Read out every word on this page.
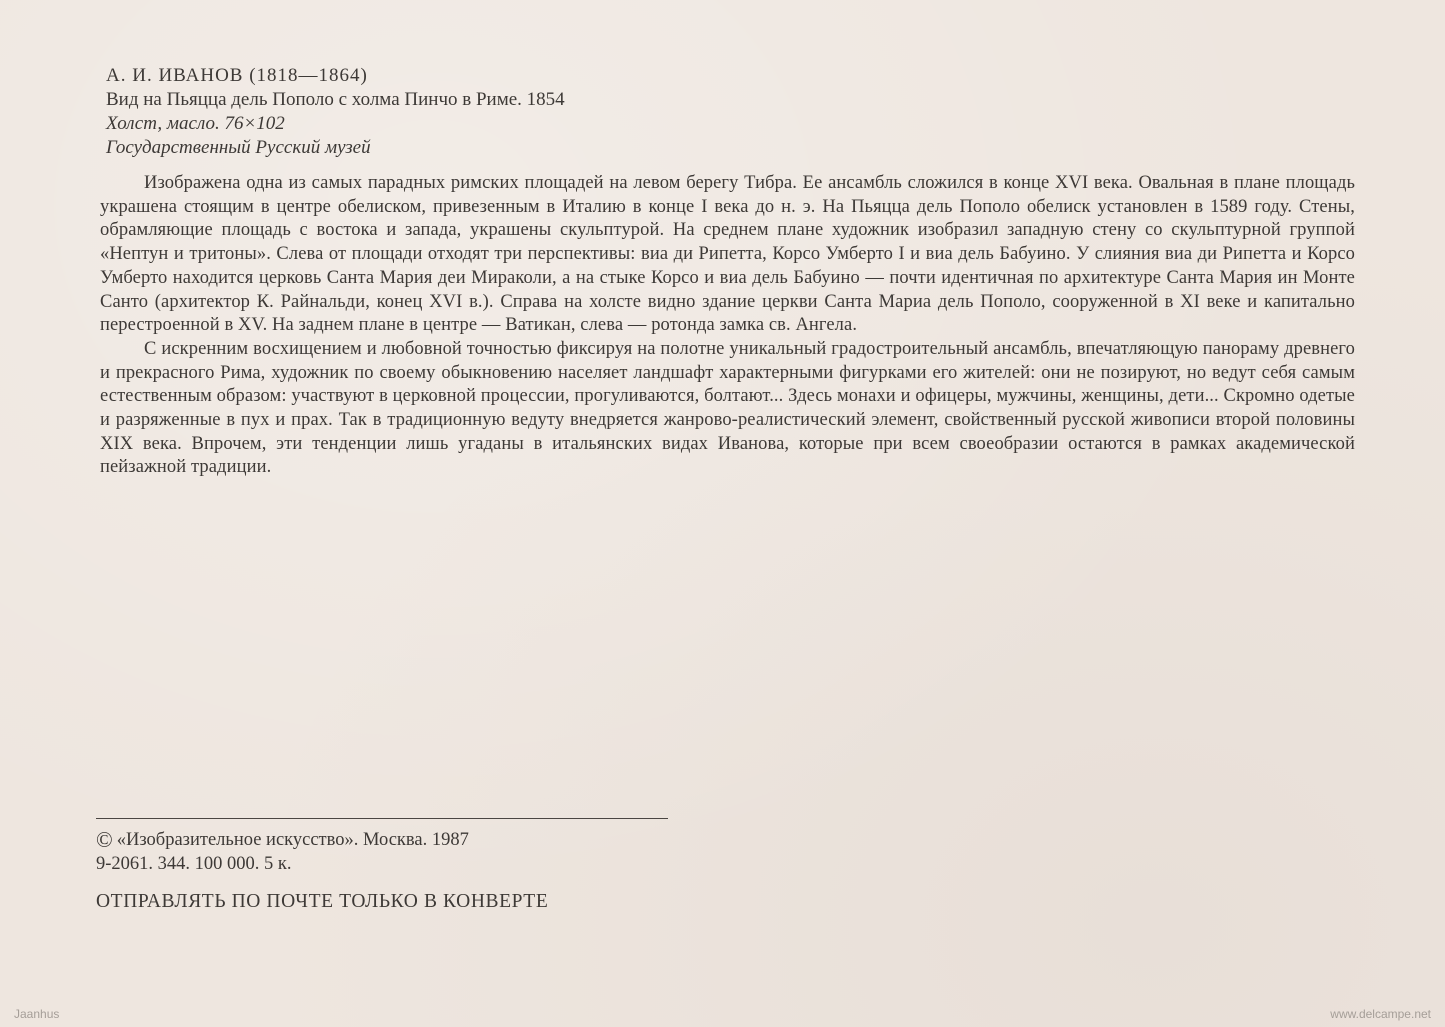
А. И. ИВАНОВ (1818—1864)
Вид на Пьяцца дель Пополо с холма Пинчо в Риме. 1854
Холст, масло. 76×102
Государственный Русский музей

Изображена одна из самых парадных римских площадей на левом берегу Тибра. Ее ансамбль сложился в конце XVI века. Овальная в плане площадь украшена стоящим в центре обелиском, привезенным в Италию в конце I века до н. э. На Пьяцца дель Пополо обелиск установлен в 1589 году. Стены, обрамляющие площадь с востока и запада, украшены скульптурой. На среднем плане художник изобразил западную стену со скульптурной группой «Нептун и тритоны». Слева от площади отходят три перспективы: виа ди Рипетта, Корсо Умберто I и виа дель Бабуино. У слияния виа ди Рипетта и Корсо Умберто находится церковь Санта Мария деи Мираколи, а на стыке Корсо и виа дель Бабуино — почти идентичная по архитектуре Санта Мария ин Монте Санто (архитектор К. Райнальди, конец XVI в.). Справа на холсте видно здание церкви Санта Мариа дель Пополо, сооруженной в XI веке и капитально перестроенной в XV. На заднем плане в центре — Ватикан, слева — ротонда замка св. Ангела.

С искренним восхищением и любовной точностью фиксируя на полотне уникальный градостроительный ансамбль, впечатляющую панораму древнего и прекрасного Рима, художник по своему обыкновению населяет ландшафт характерными фигурками его жителей: они не позируют, но ведут себя самым естественным образом: участвуют в церковной процессии, прогуливаются, болтают... Здесь монахи и офицеры, мужчины, женщины, дети... Скромно одетые и разряженные в пух и прах. Так в традиционную ведуту внедряется жанрово-реалистический элемент, свойственный русской живописи второй половины XIX века. Впрочем, эти тенденции лишь угаданы в итальянских видах Иванова, которые при всем своеобразии остаются в рамках академической пейзажной традиции.

© «Изобразительное искусство». Москва. 1987
9-2061. 344. 100 000. 5 к.
ОТПРАВЛЯТЬ ПО ПОЧТЕ ТОЛЬКО В КОНВЕРТЕ
Jaanhus	www.delcampe.net
